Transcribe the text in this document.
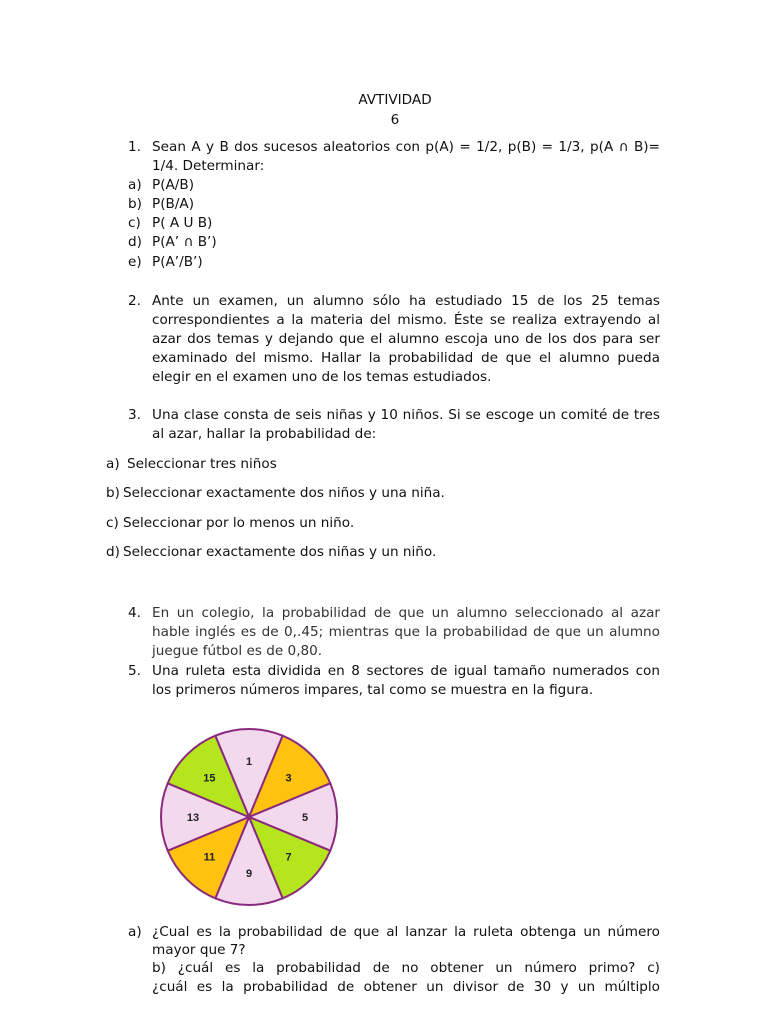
AVTIVIDAD
6
1. Sean A y B dos sucesos aleatorios con p(A) = 1/2, p(B) = 1/3, p(A ∩ B)=
1/4. Determinar:
a) P(A/B)
b) P(B/A)
c) P( A U B)
d) P(A’ ∩ B’)
e) P(A’/B’)
2. Ante un examen, un alumno sólo ha estudiado 15 de los 25 temas
correspondientes a la materia del mismo. Éste se realiza extrayendo al
azar dos temas y dejando que el alumno escoja uno de los dos para ser
examinado del mismo. Hallar la probabilidad de que el alumno pueda
elegir en el examen uno de los temas estudiados.
3. Una clase consta de seis niñas y 10 niños. Si se escoge un comité de tres
al azar, hallar la probabilidad de:
a) Seleccionar tres niños
b) Seleccionar exactamente dos niños y una niña.
c) Seleccionar por lo menos un niño.
d) Seleccionar exactamente dos niñas y un niño.
4. En un colegio, la probabilidad de que un alumno seleccionado al azar
hable inglés es de 0,.45; mientras que la probabilidad de que un alumno
juegue fútbol es de 0,80.
5. Una ruleta esta dividida en 8 sectores de igual tamaño numerados con
los primeros números impares, tal como se muestra en la figura.
1
3
5
7
9
11
13
15
a) ¿Cual es la probabilidad de que al lanzar la ruleta obtenga un número
mayor que 7?
b) ¿cuál es la probabilidad de no obtener un número primo? c)
¿cuál es la probabilidad de obtener un divisor de 30 y un múltiplo
